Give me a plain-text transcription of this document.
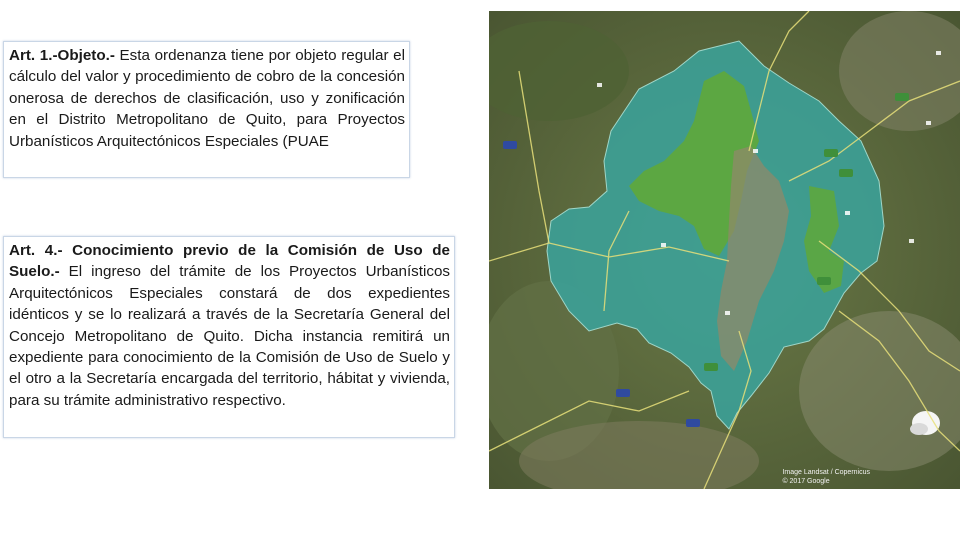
Art. 1.-Objeto.- Esta ordenanza tiene por objeto regular el cálculo del valor y procedimiento de cobro de la concesión onerosa de derechos de clasificación, uso y zonificación en el Distrito Metropolitano de Quito, para Proyectos Urbanísticos Arquitectónicos Especiales (PUAE
Art. 4.- Conocimiento previo de la Comisión de Uso de Suelo.- El ingreso del trámite de los Proyectos Urbanísticos Arquitectónicos Especiales constará de dos expedientes idénticos y se lo realizará a través de la Secretaría General del Concejo Metropolitano de Quito. Dicha instancia remitirá un expediente para conocimiento de la Comisión de Uso de Suelo y el otro a la Secretaría encargada del territorio, hábitat y vivienda, para su trámite administrativo respectivo.
Image Landsat / Copernicus
© 2017 Google
